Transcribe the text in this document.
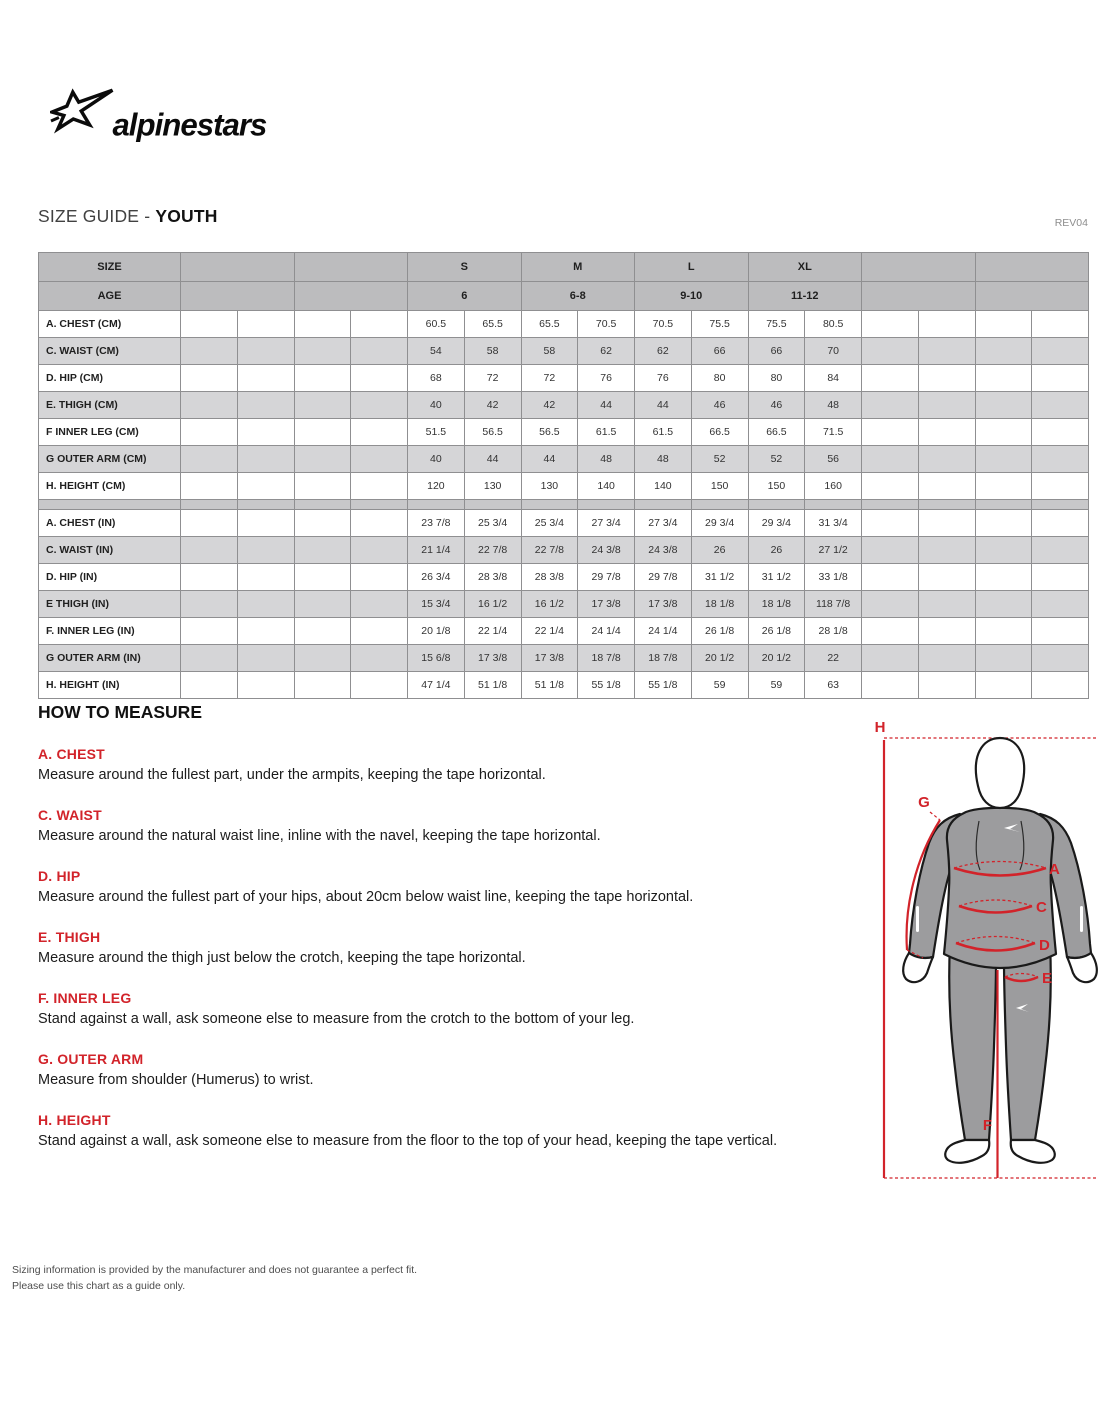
alpinestars
SIZE GUIDE - YOUTH	REV04
SIZE					S		M		L		XL					
AGE					6		6-8		9-10		11-12					
A. CHEST (CM)					60.5	65.5	65.5	70.5	70.5	75.5	75.5	80.5				
C. WAIST (CM)					54	58	58	62	62	66	66	70				
D. HIP (CM)					68	72	72	76	76	80	80	84				
E. THIGH (CM)					40	42	42	44	44	46	46	48				
F INNER LEG (CM)					51.5	56.5	56.5	61.5	61.5	66.5	66.5	71.5				
G OUTER ARM (CM)					40	44	44	48	48	52	52	56				
H. HEIGHT (CM)					120	130	130	140	140	150	150	160				

A. CHEST (IN)					23 7/8	25 3/4	25 3/4	27 3/4	27 3/4	29 3/4	29 3/4	31 3/4				
C. WAIST (IN)					21 1/4	22 7/8	22 7/8	24 3/8	24 3/8	26	26	27 1/2				
D. HIP (IN)					26 3/4	28 3/8	28 3/8	29 7/8	29 7/8	31 1/2	31 1/2	33 1/8				
E THIGH (IN)					15 3/4	16 1/2	16 1/2	17 3/8	17 3/8	18 1/8	18 1/8	118 7/8				
F. INNER LEG (IN)					20 1/8	22 1/4	22 1/4	24 1/4	24 1/4	26 1/8	26 1/8	28 1/8				
G OUTER ARM (IN)					15 6/8	17 3/8	17 3/8	18 7/8	18 7/8	20 1/2	20 1/2	22				
H. HEIGHT (IN)					47 1/4	51 1/8	51 1/8	55 1/8	55 1/8	59	59	63				
HOW TO MEASURE
A. CHEST

Measure around the fullest part, under the armpits, keeping the tape horizontal.

C. WAIST

Measure around the natural waist line, inline with the navel, keeping the tape horizontal.

D. HIP

Measure around the fullest part of your hips, about 20cm below waist line, keeping the tape horizontal.

E. THIGH

Measure around the thigh just below the crotch, keeping the tape horizontal.

F. INNER LEG

Stand against a wall, ask someone else to measure from the crotch to the bottom of your leg.

G. OUTER ARM

Measure from shoulder (Humerus) to wrist.

H. HEIGHT

Stand against a wall, ask someone else to measure from the floor to the top of your head, keeping the tape vertical.

H
G
A
C
D
E
F
Sizing information is provided by the manufacturer and does not guarantee a perfect fit.
Please use this chart as a guide only.
